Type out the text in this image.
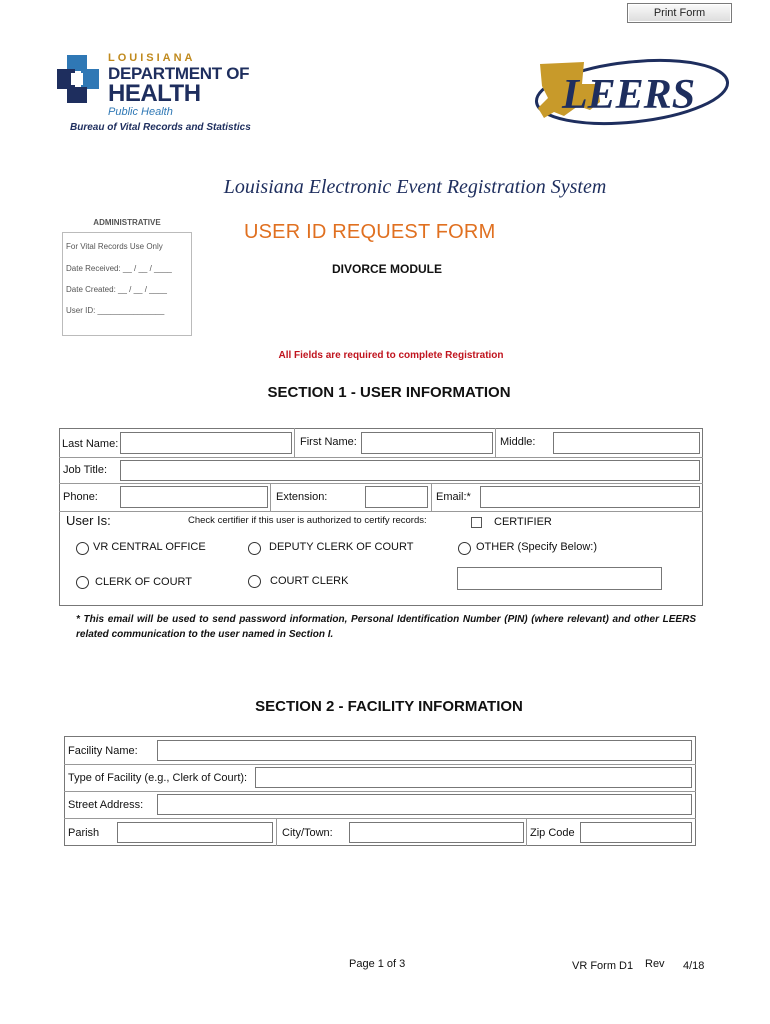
Print Form
LOUISIANA
DEPARTMENT OF
HEALTH
Public Health
Bureau of Vital Records and Statistics
LEERS
Louisiana Electronic Event Registration System
ADMINISTRATIVE
For Vital Records Use Only
Date Received: __ / __ / ____
Date Created: __ / __ / ____
User ID: _______________
USER ID REQUEST FORM
DIVORCE MODULE
All Fields are required to complete Registration
SECTION 1 - USER INFORMATION
Last Name:	First Name:	Middle:
Job Title:
Phone:	Extension:	Email:*
User Is:	Check certifier if this user is authorized to certify records:	CERTIFIER
VR CENTRAL OFFICE	DEPUTY CLERK OF COURT	OTHER (Specify Below:)
CLERK OF COURT	COURT CLERK
* This email will be used to send password information, Personal Identification Number (PIN) (where relevant) and other LEERS related communication to the user named in Section I.
SECTION 2 - FACILITY INFORMATION
Facility Name:
Type of Facility (e.g., Clerk of Court):
Street Address:
Parish	City/Town:	Zip Code
Page 1 of 3	VR Form D1 Rev 4/18
